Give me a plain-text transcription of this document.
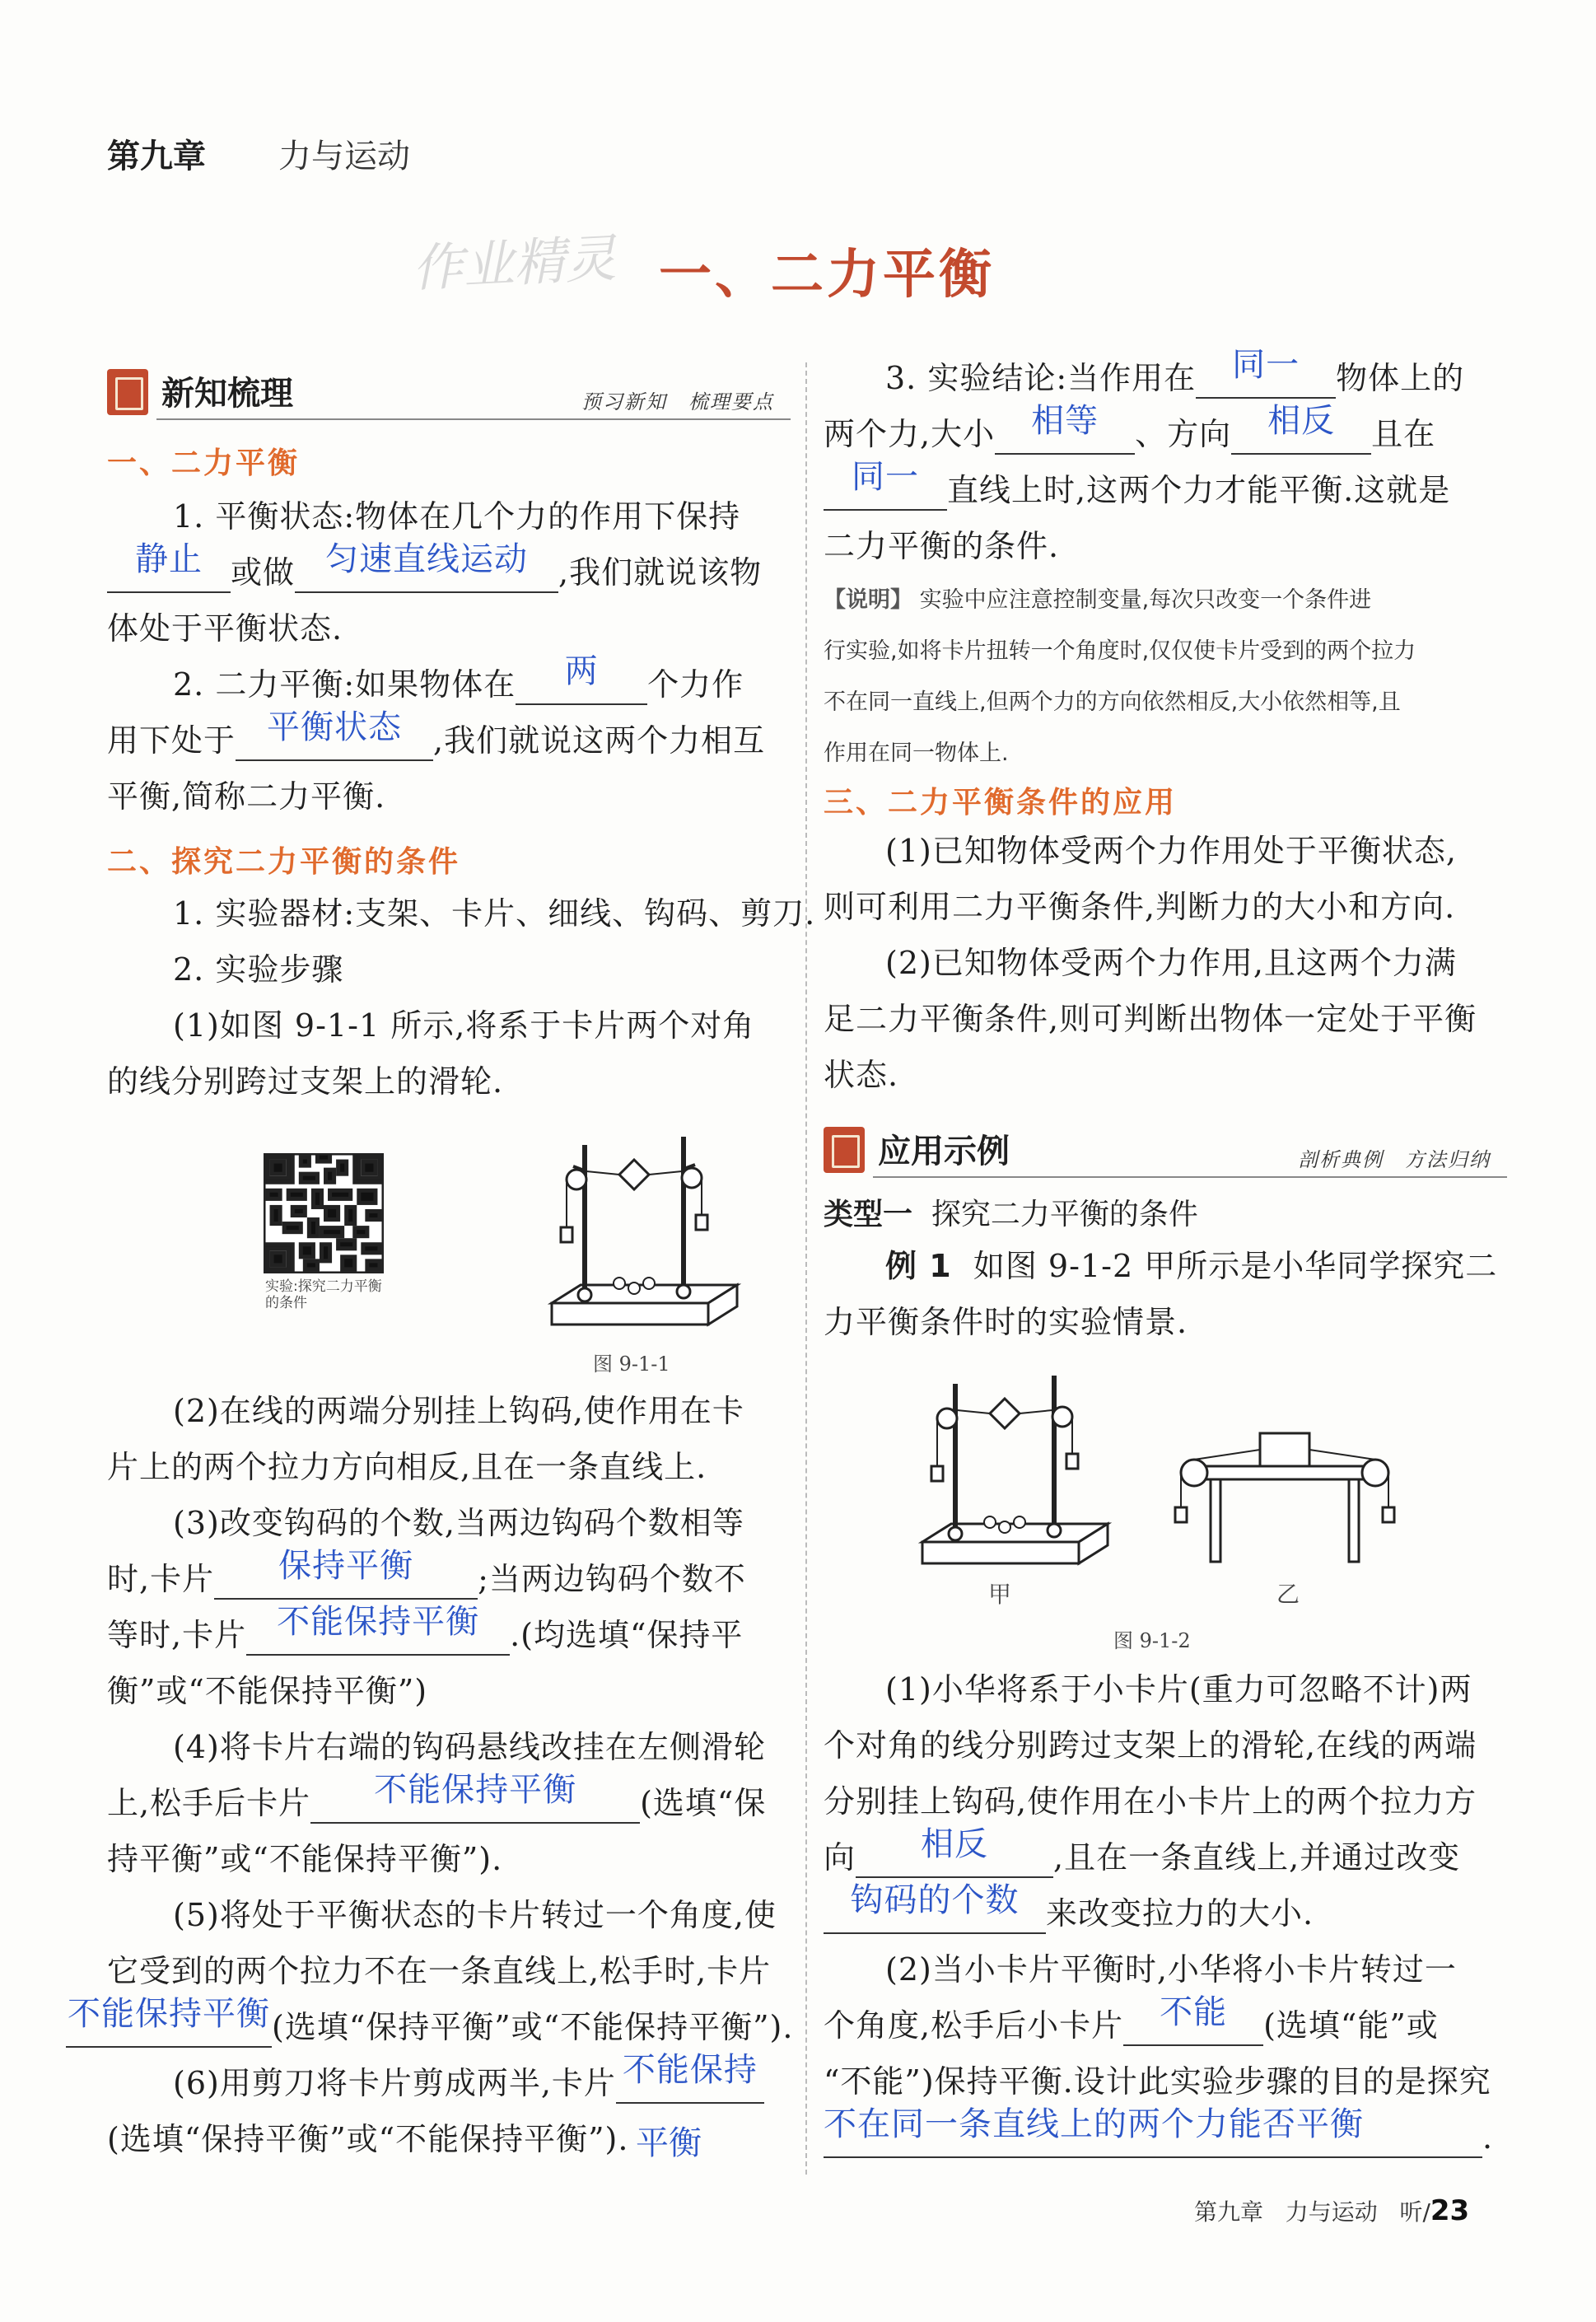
第九章 力与运动
作业精灵 一、二力平衡
新知梳理	预习新知　梳理要点
一、二力平衡
1. 平衡状态:物体在几个力的作用下保持
静止 或做 匀速直线运动 ,我们就说该物
体处于平衡状态.
2. 二力平衡:如果物体在 两 个力作
用下处于 平衡状态 ,我们就说这两个力相互
平衡,简称二力平衡.
二、探究二力平衡的条件
1. 实验器材:支架、卡片、细线、钩码、剪刀.
2. 实验步骤
(1)如图 9-1-1 所示,将系于卡片两个对角
的线分别跨过支架上的滑轮.
实验:探究二力平衡
的条件
图 9-1-1
(2)在线的两端分别挂上钩码,使作用在卡
片上的两个拉力方向相反,且在一条直线上.
(3)改变钩码的个数,当两边钩码个数相等
时,卡片 保持平衡 ;当两边钩码个数不
等时,卡片 不能保持平衡 .(均选填“保持平
衡”或“不能保持平衡”)
(4)将卡片右端的钩码悬线改挂在左侧滑轮
上,松手后卡片 不能保持平衡 (选填“保
持平衡”或“不能保持平衡”).
(5)将处于平衡状态的卡片转过一个角度,使
它受到的两个拉力不在一条直线上,松手时,卡片
不能保持平衡(选填“保持平衡”或“不能保持平衡”).
(6)用剪刀将卡片剪成两半,卡片 不能保持
(选填“保持平衡”或“不能保持平衡”). 平衡
3. 实验结论:当作用在 同一 物体上的
两个力,大小 相等 、方向 相反 且在
同一 直线上时,这两个力才能平衡.这就是
二力平衡的条件.
【说明】 实验中应注意控制变量,每次只改变一个条件进
行实验,如将卡片扭转一个角度时,仅仅使卡片受到的两个拉力
不在同一直线上,但两个力的方向依然相反,大小依然相等,且
作用在同一物体上.
三、二力平衡条件的应用
(1)已知物体受两个力作用处于平衡状态,
则可利用二力平衡条件,判断力的大小和方向.
(2)已知物体受两个力作用,且这两个力满
足二力平衡条件,则可判断出物体一定处于平衡
状态.
应用示例	剖析典例　方法归纳
类型一 探究二力平衡的条件
例 1 如图 9-1-2 甲所示是小华同学探究二
力平衡条件时的实验情景.
甲	乙
图 9-1-2
(1)小华将系于小卡片(重力可忽略不计)两
个对角的线分别跨过支架上的滑轮,在线的两端
分别挂上钩码,使作用在小卡片上的两个拉力方
向 相反 ,且在一条直线上,并通过改变
钩码的个数 来改变拉力的大小.
(2)当小卡片平衡时,小华将小卡片转过一
个角度,松手后小卡片 不能 (选填“能”或
“不能”)保持平衡.设计此实验步骤的目的是探究
不在同一条直线上的两个力能否平衡	.
第九章 力与运动 听/23
